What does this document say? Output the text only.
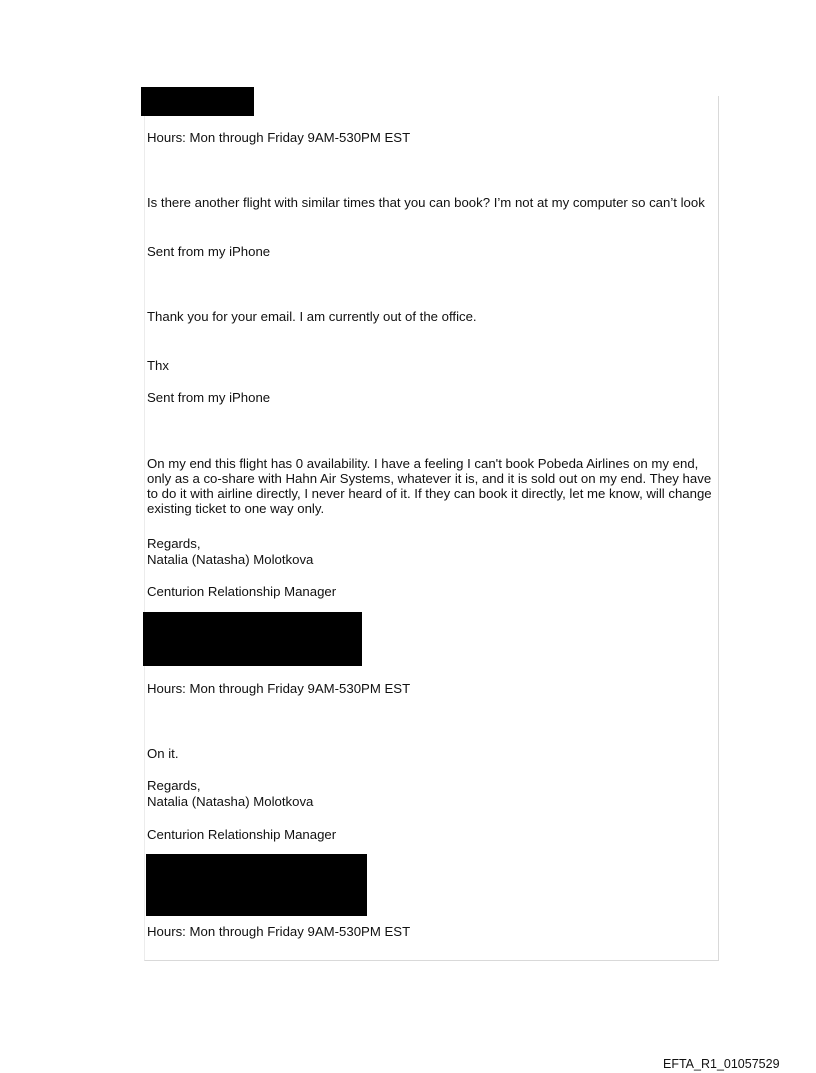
Hours: Mon through Friday 9AM-530PM EST

Is there another flight with similar times that you can book? I’m not at my computer so can’t look

Sent from my iPhone

Thank you for your email. I am currently out of the office.

Thx

Sent from my iPhone

On my end this flight has 0 availability. I have a feeling I can't book Pobeda Airlines on my end, only as a co-share with Hahn Air Systems, whatever it is, and it is sold out on my end. They have to do it with airline directly, I never heard of it. If they can book it directly, let me know, will change existing ticket to one way only.

Regards,

Natalia (Natasha) Molotkova

Centurion Relationship Manager

Hours: Mon through Friday 9AM-530PM EST

On it.

Regards,

Natalia (Natasha) Molotkova

Centurion Relationship Manager

Hours: Mon through Friday 9AM-530PM EST

EFTA_R1_01057529
